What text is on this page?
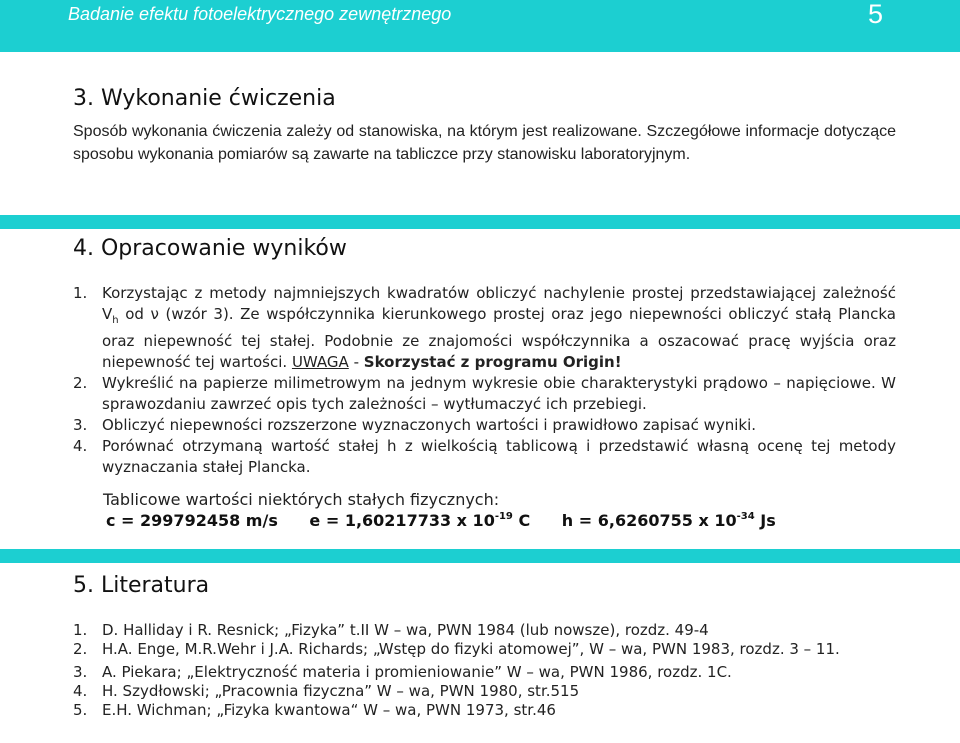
Badanie efektu fotoelektrycznego zewnętrznego	5
3. Wykonanie ćwiczenia

Sposób wykonania ćwiczenia zależy od stanowiska, na którym jest realizowane. Szczegółowe informacje dotyczące sposobu wykonania pomiarów są zawarte na tabliczce przy stanowisku laboratoryjnym.

4. Opracowanie wyników
1. Korzystając z metody najmniejszych kwadratów obliczyć nachylenie prostej przedstawiającej zależność $V_h$ od ν (wzór 3). Ze współczynnika kierunkowego prostej oraz jego niepewności obliczyć stałą Plancka oraz niepewność tej stałej. Podobnie ze znajomości współczynnika a oszacować pracę wyjścia oraz niepewność tej wartości. UWAGA - Skorzystać z programu Origin!
2. Wykreślić na papierze milimetrowym na jednym wykresie obie charakterystyki prądowo – napięciowe. W sprawozdaniu zawrzeć opis tych zależności – wytłumaczyć ich przebiegi.
3. Obliczyć niepewności rozszerzone wyznaczonych wartości i prawidłowo zapisać wyniki.
4. Porównać otrzymaną wartość stałej h z wielkością tablicową i przedstawić własną ocenę tej metody wyznaczania stałej Plancka.
Tablicowe wartości niektórych stałych fizycznych:
c = 299792458 m/s e = 1,60217733 x $10^{-19}$ C h = 6,6260755 x $10^{-34}$ Js
5. Literatura
1. D. Halliday i R. Resnick; „Fizyka” t.II W – wa, PWN 1984 (lub nowsze), rozdz. 49-4
2. H.A. Enge, M.R.Wehr i J.A. Richards; „Wstęp do fizyki atomowej”, W – wa, PWN 1983, rozdz. 3 – 11.
3. A. Piekara; „Elektryczność materia i promieniowanie” W – wa, PWN 1986, rozdz. 1C.
4. H. Szydłowski; „Pracownia fizyczna” W – wa, PWN 1980, str.515
5. E.H. Wichman; „Fizyka kwantowa“ W – wa, PWN 1973, str.46
